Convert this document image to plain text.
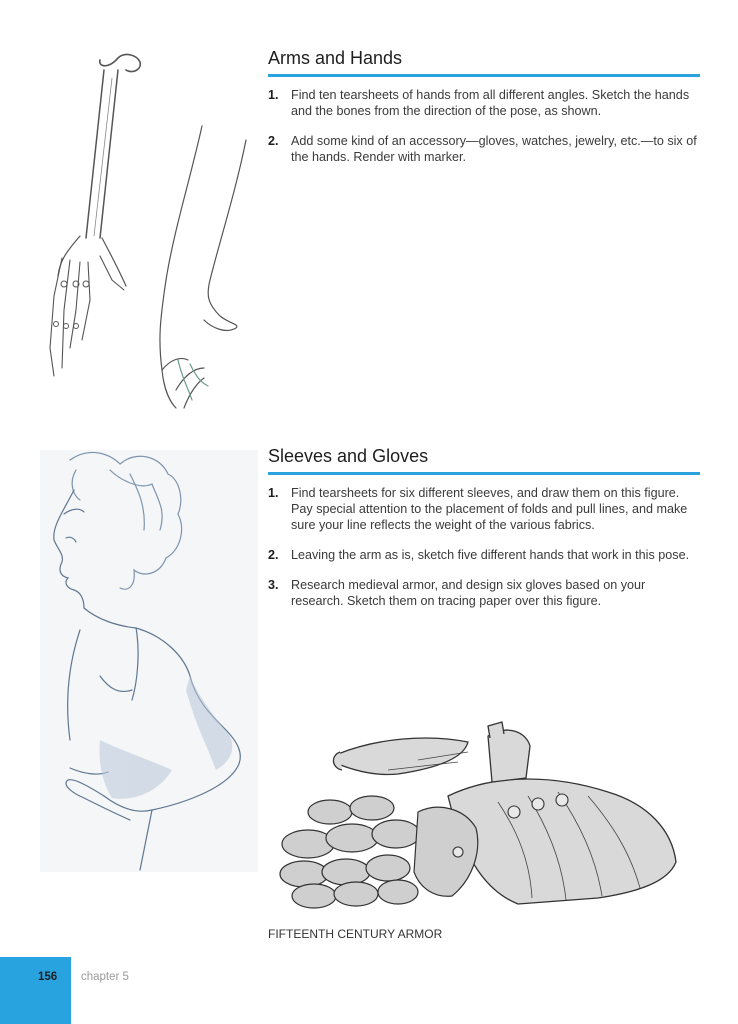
Arms and Hands
1. Find ten tearsheets of hands from all different angles. Sketch the hands and the bones from the direction of the pose, as shown.
2. Add some kind of an accessory—gloves, watches, jewelry, etc.—to six of the hands. Render with marker.
Sleeves and Gloves
1. Find tearsheets for six different sleeves, and draw them on this figure. Pay special attention to the placement of folds and pull lines, and make sure your line reflects the weight of the various fabrics.
2. Leaving the arm as is, sketch five different hands that work in this pose.
3. Research medieval armor, and design six gloves based on your research. Sketch them on tracing paper over this figure.
FIFTEENTH CENTURY ARMOR
156 chapter 5
